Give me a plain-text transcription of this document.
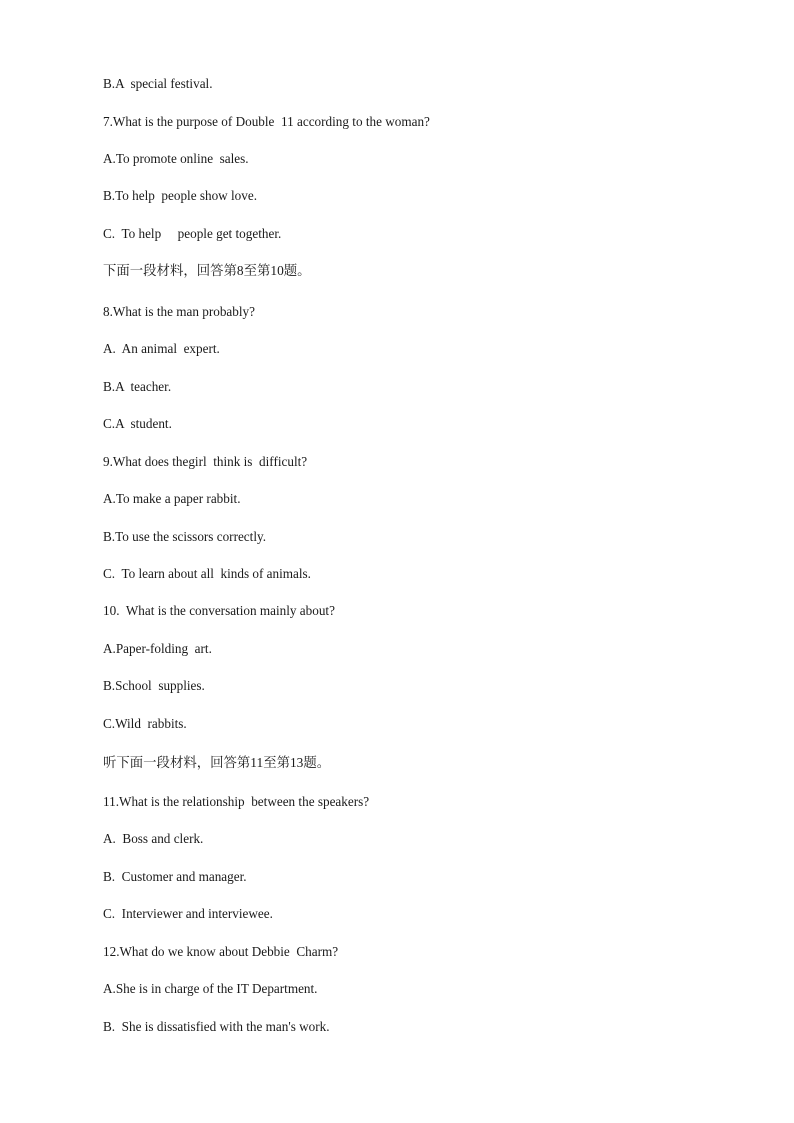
B.A  special festival.
7.What is the purpose of Double  11 according to the woman?
A.To promote online  sales.
B.To help  people show love.
C.  To help     people get together.
下面一段材料，回答第8至第10题。
8.What is the man probably?
A.  An animal  expert.
B.A  teacher.
C.A  student.
9.What does thegirl  think is  difficult?
A.To make a paper rabbit.
B.To use the scissors correctly.
C.  To learn about all  kinds of animals.
10.  What is the conversation mainly about?
A.Paper-folding  art.
B.School  supplies.
C.Wild  rabbits.
听下面一段材料，回答第11至第13题。
11.What is the relationship  between the speakers?
A.  Boss and clerk.
B.  Customer and manager.
C.  Interviewer and interviewee.
12.What do we know about Debbie  Charm?
A.She is in charge of the IT Department.
B.  She is dissatisfied with the man's work.
